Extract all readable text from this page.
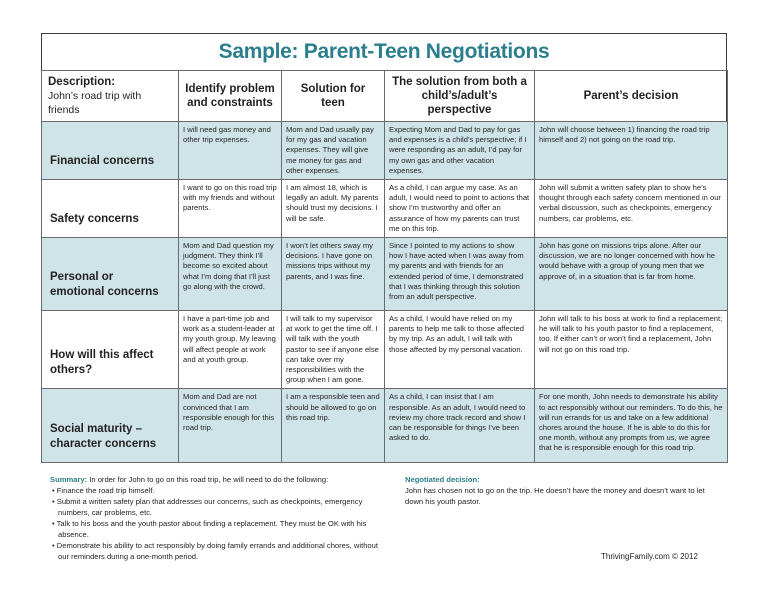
Sample: Parent-Teen Negotiations
Description:
John’s road trip with friends	Identify problem and constraints	Solution for teen	The solution from both a child’s/adult’s perspective	Parent’s decision
Financial concerns	I will need gas money and other trip expenses.	Mom and Dad usually pay for my gas and vacation expenses. They will give me money for gas and other expenses.	Expecting Mom and Dad to pay for gas and expenses is a child’s perspective; if I were responding as an adult, I’d pay for my own gas and other vacation expenses.	John will choose between 1) financing the road trip himself and 2) not going on the road trip.
Safety concerns	I want to go on this road trip with my friends and without parents.	I am almost 18, which is legally an adult. My parents should trust my decisions. I will be safe.	As a child, I can argue my case. As an adult, I would need to point to actions that show I’m trustworthy and offer an assurance of how my parents can trust me on this trip.	John will submit a written safety plan to show he’s thought through each safety concern mentioned in our verbal discussion, such as checkpoints, emergency numbers, car problems, etc.
Personal or emotional concerns	Mom and Dad question my judgment. They think I’ll become so excited about what I’m doing that I’ll just go along with the crowd.	I won’t let others sway my decisions. I have gone on missions trips without my parents, and I was fine.	Since I pointed to my actions to show how I have acted when I was away from my parents and with friends for an extended period of time, I demonstrated that I was thinking through this solution from an adult perspective.	John has gone on missions trips alone. After our discussion, we are no longer concerned with how he would behave with a group of young men that we approve of, in a situation that is far from home.
How will this affect others?	I have a part-time job and work as a student-leader at my youth group. My leaving will affect people at work and at youth group.	I will talk to my supervisor at work to get the time off. I will talk with the youth pastor to see if anyone else can take over my responsibilities with the group when I am gone.	As a child, I would have relied on my parents to help me talk to those affected by my trip. As an adult, I will talk with those affected by my personal vacation.	John will talk to his boss at work to find a replacement; he will talk to his youth pastor to find a replacement, too. If either can’t or won’t find a replacement, John will not go on this road trip.
Social maturity – character concerns	Mom and Dad are not convinced that I am responsible enough for this road trip.	I am a responsible teen and should be allowed to go on this road trip.	As a child, I can insist that I am responsible. As an adult, I would need to review my chore track record and show I can be responsible for things I’ve been asked to do.	For one month, John needs to demonstrate his ability to act responsibly without our reminders. To do this, he will run errands for us and take on a few additional chores around the house. If he is able to do this for one month, without any prompts from us, we agree that he is responsible enough for this road trip.
Summary: In order for John to go on this road trip, he will need to do the following:
• Finance the road trip himself.
• Submit a written safety plan that addresses our concerns, such as checkpoints, emergency numbers, car problems, etc.
• Talk to his boss and the youth pastor about finding a replacement. They must be OK with his absence.
• Demonstrate his ability to act responsibly by doing family errands and additional chores, without our reminders during a one-month period.
Negotiated decision:
John has chosen not to go on the trip. He doesn’t have the money and doesn’t want to let down his youth pastor.
ThrivingFamily.com © 2012
